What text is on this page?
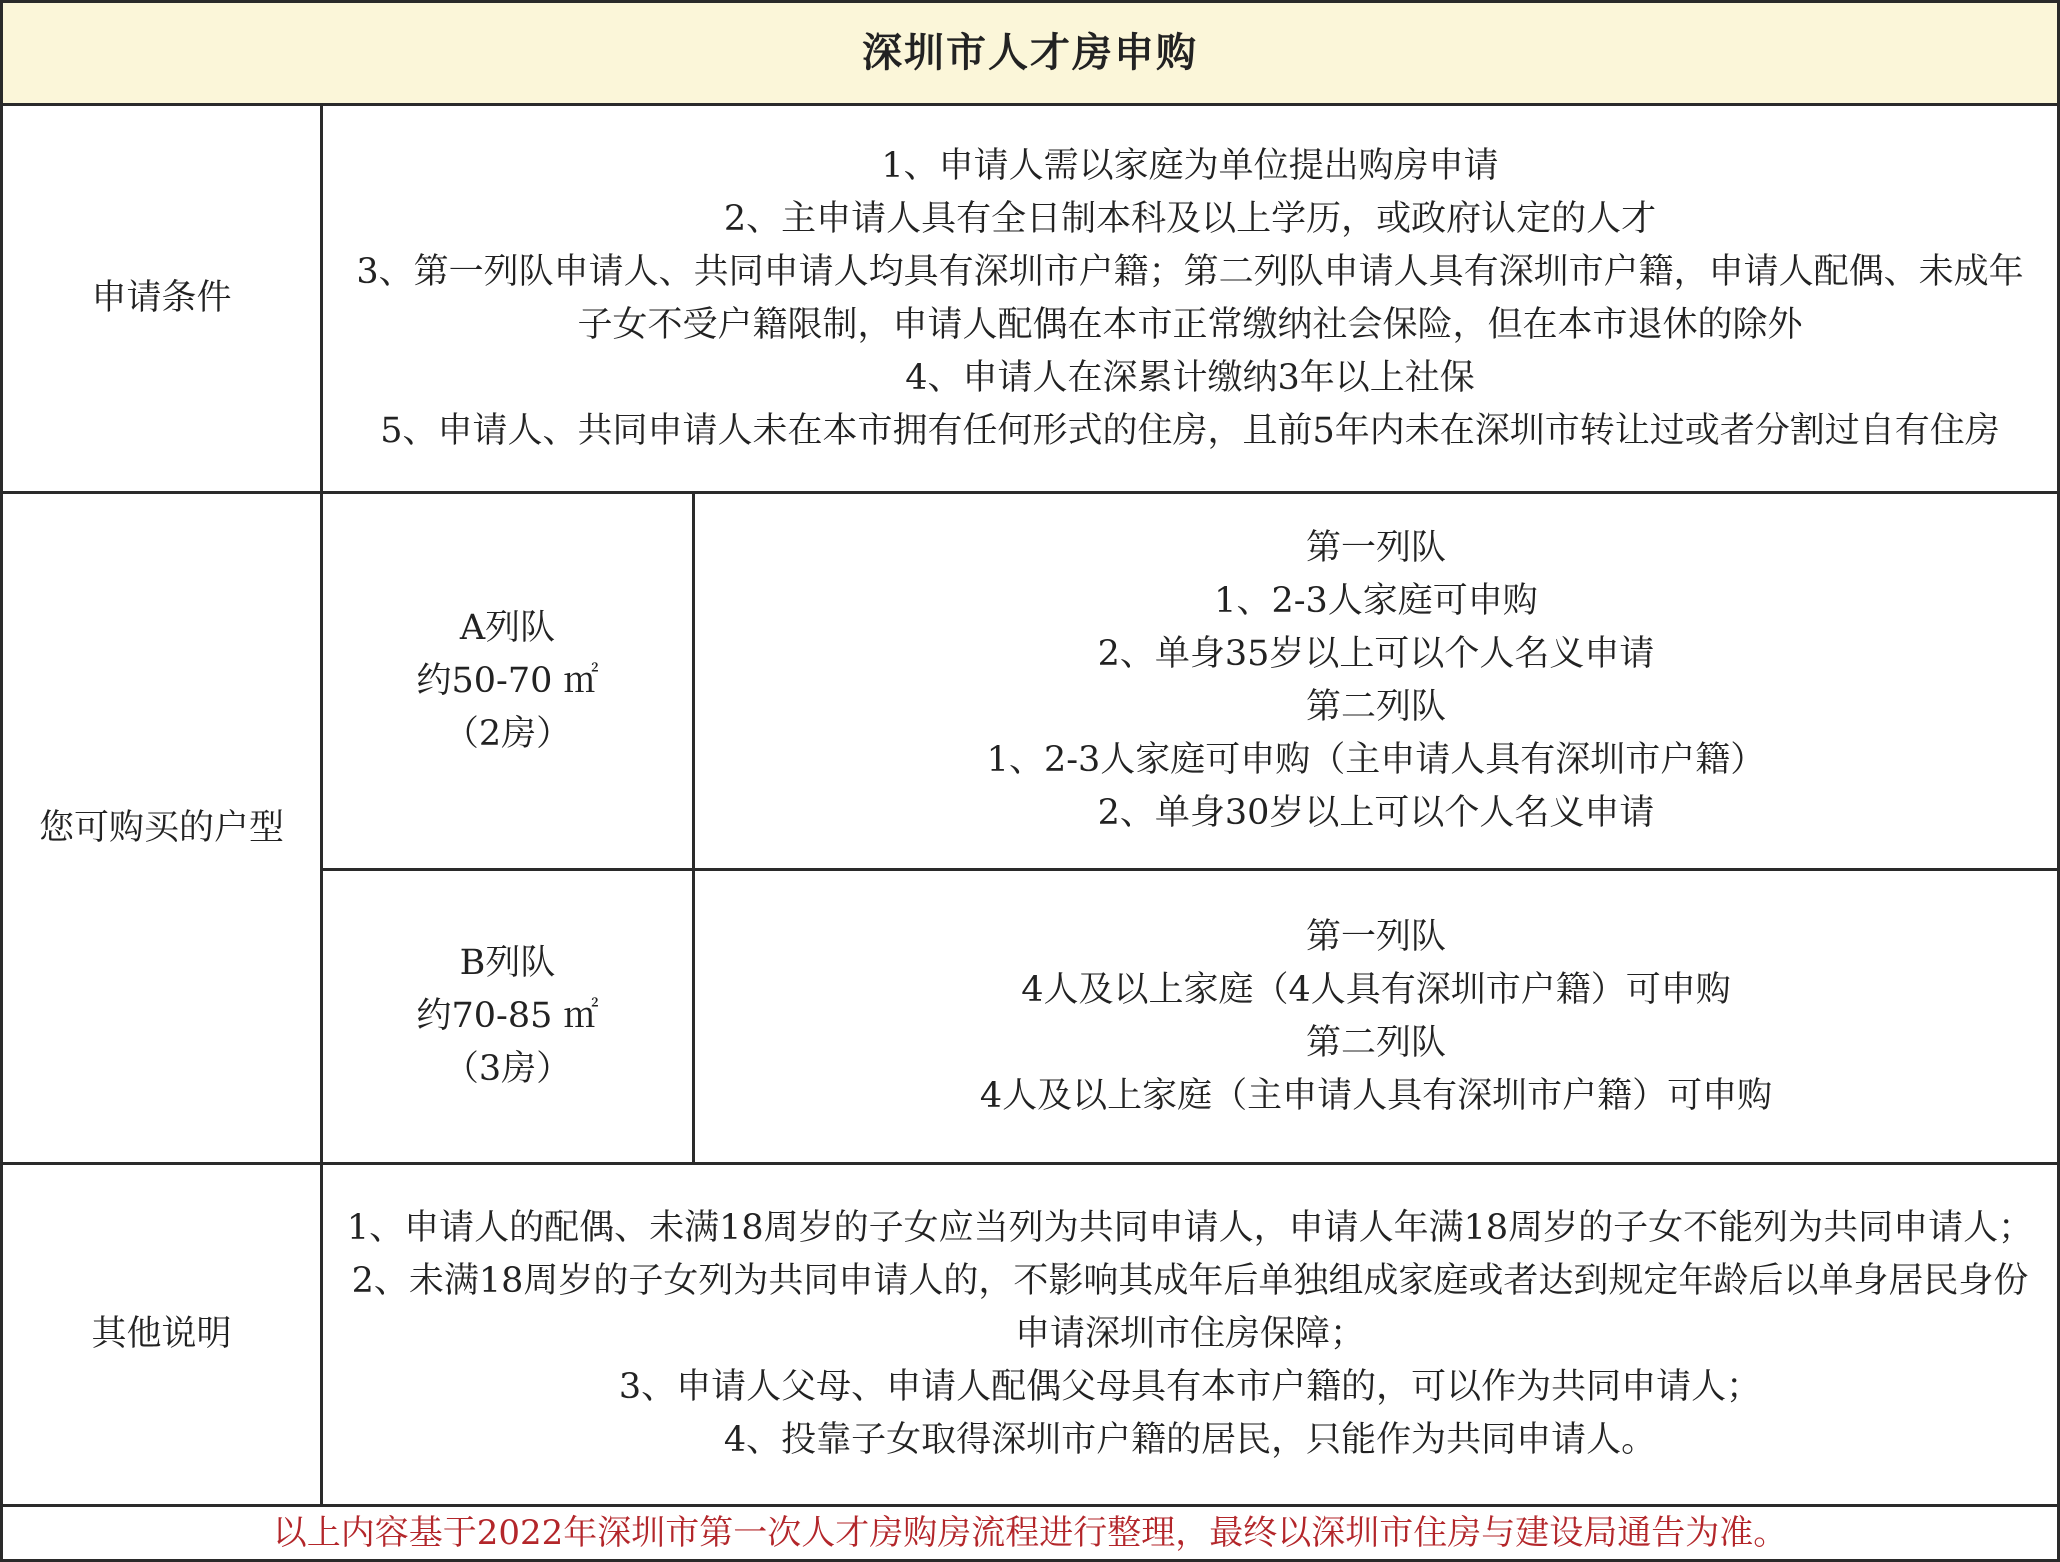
深圳市人才房申购
申请条件
1、申请人需以家庭为单位提出购房申请
2、主申请人具有全日制本科及以上学历，或政府认定的人才
3、第一列队申请人、共同申请人均具有深圳市户籍；第二列队申请人具有深圳市户籍，申请人配偶、未成年
子女不受户籍限制，申请人配偶在本市正常缴纳社会保险，但在本市退休的除外
4、申请人在深累计缴纳3年以上社保
5、申请人、共同申请人未在本市拥有任何形式的住房，且前5年内未在深圳市转让过或者分割过自有住房
您可购买的户型
A列队
约50-70 ㎡
（2房）
第一列队
1、2-3人家庭可申购
2、单身35岁以上可以个人名义申请
第二列队
1、2-3人家庭可申购（主申请人具有深圳市户籍）
2、单身30岁以上可以个人名义申请
B列队
约70-85 ㎡
（3房）
第一列队
4人及以上家庭（4人具有深圳市户籍）可申购
第二列队
4人及以上家庭（主申请人具有深圳市户籍）可申购
其他说明
1、申请人的配偶、未满18周岁的子女应当列为共同申请人，申请人年满18周岁的子女不能列为共同申请人；
2、未满18周岁的子女列为共同申请人的，不影响其成年后单独组成家庭或者达到规定年龄后以单身居民身份
申请深圳市住房保障；
3、申请人父母、申请人配偶父母具有本市户籍的，可以作为共同申请人；
4、投靠子女取得深圳市户籍的居民，只能作为共同申请人。
以上内容基于2022年深圳市第一次人才房购房流程进行整理，最终以深圳市住房与建设局通告为准。
